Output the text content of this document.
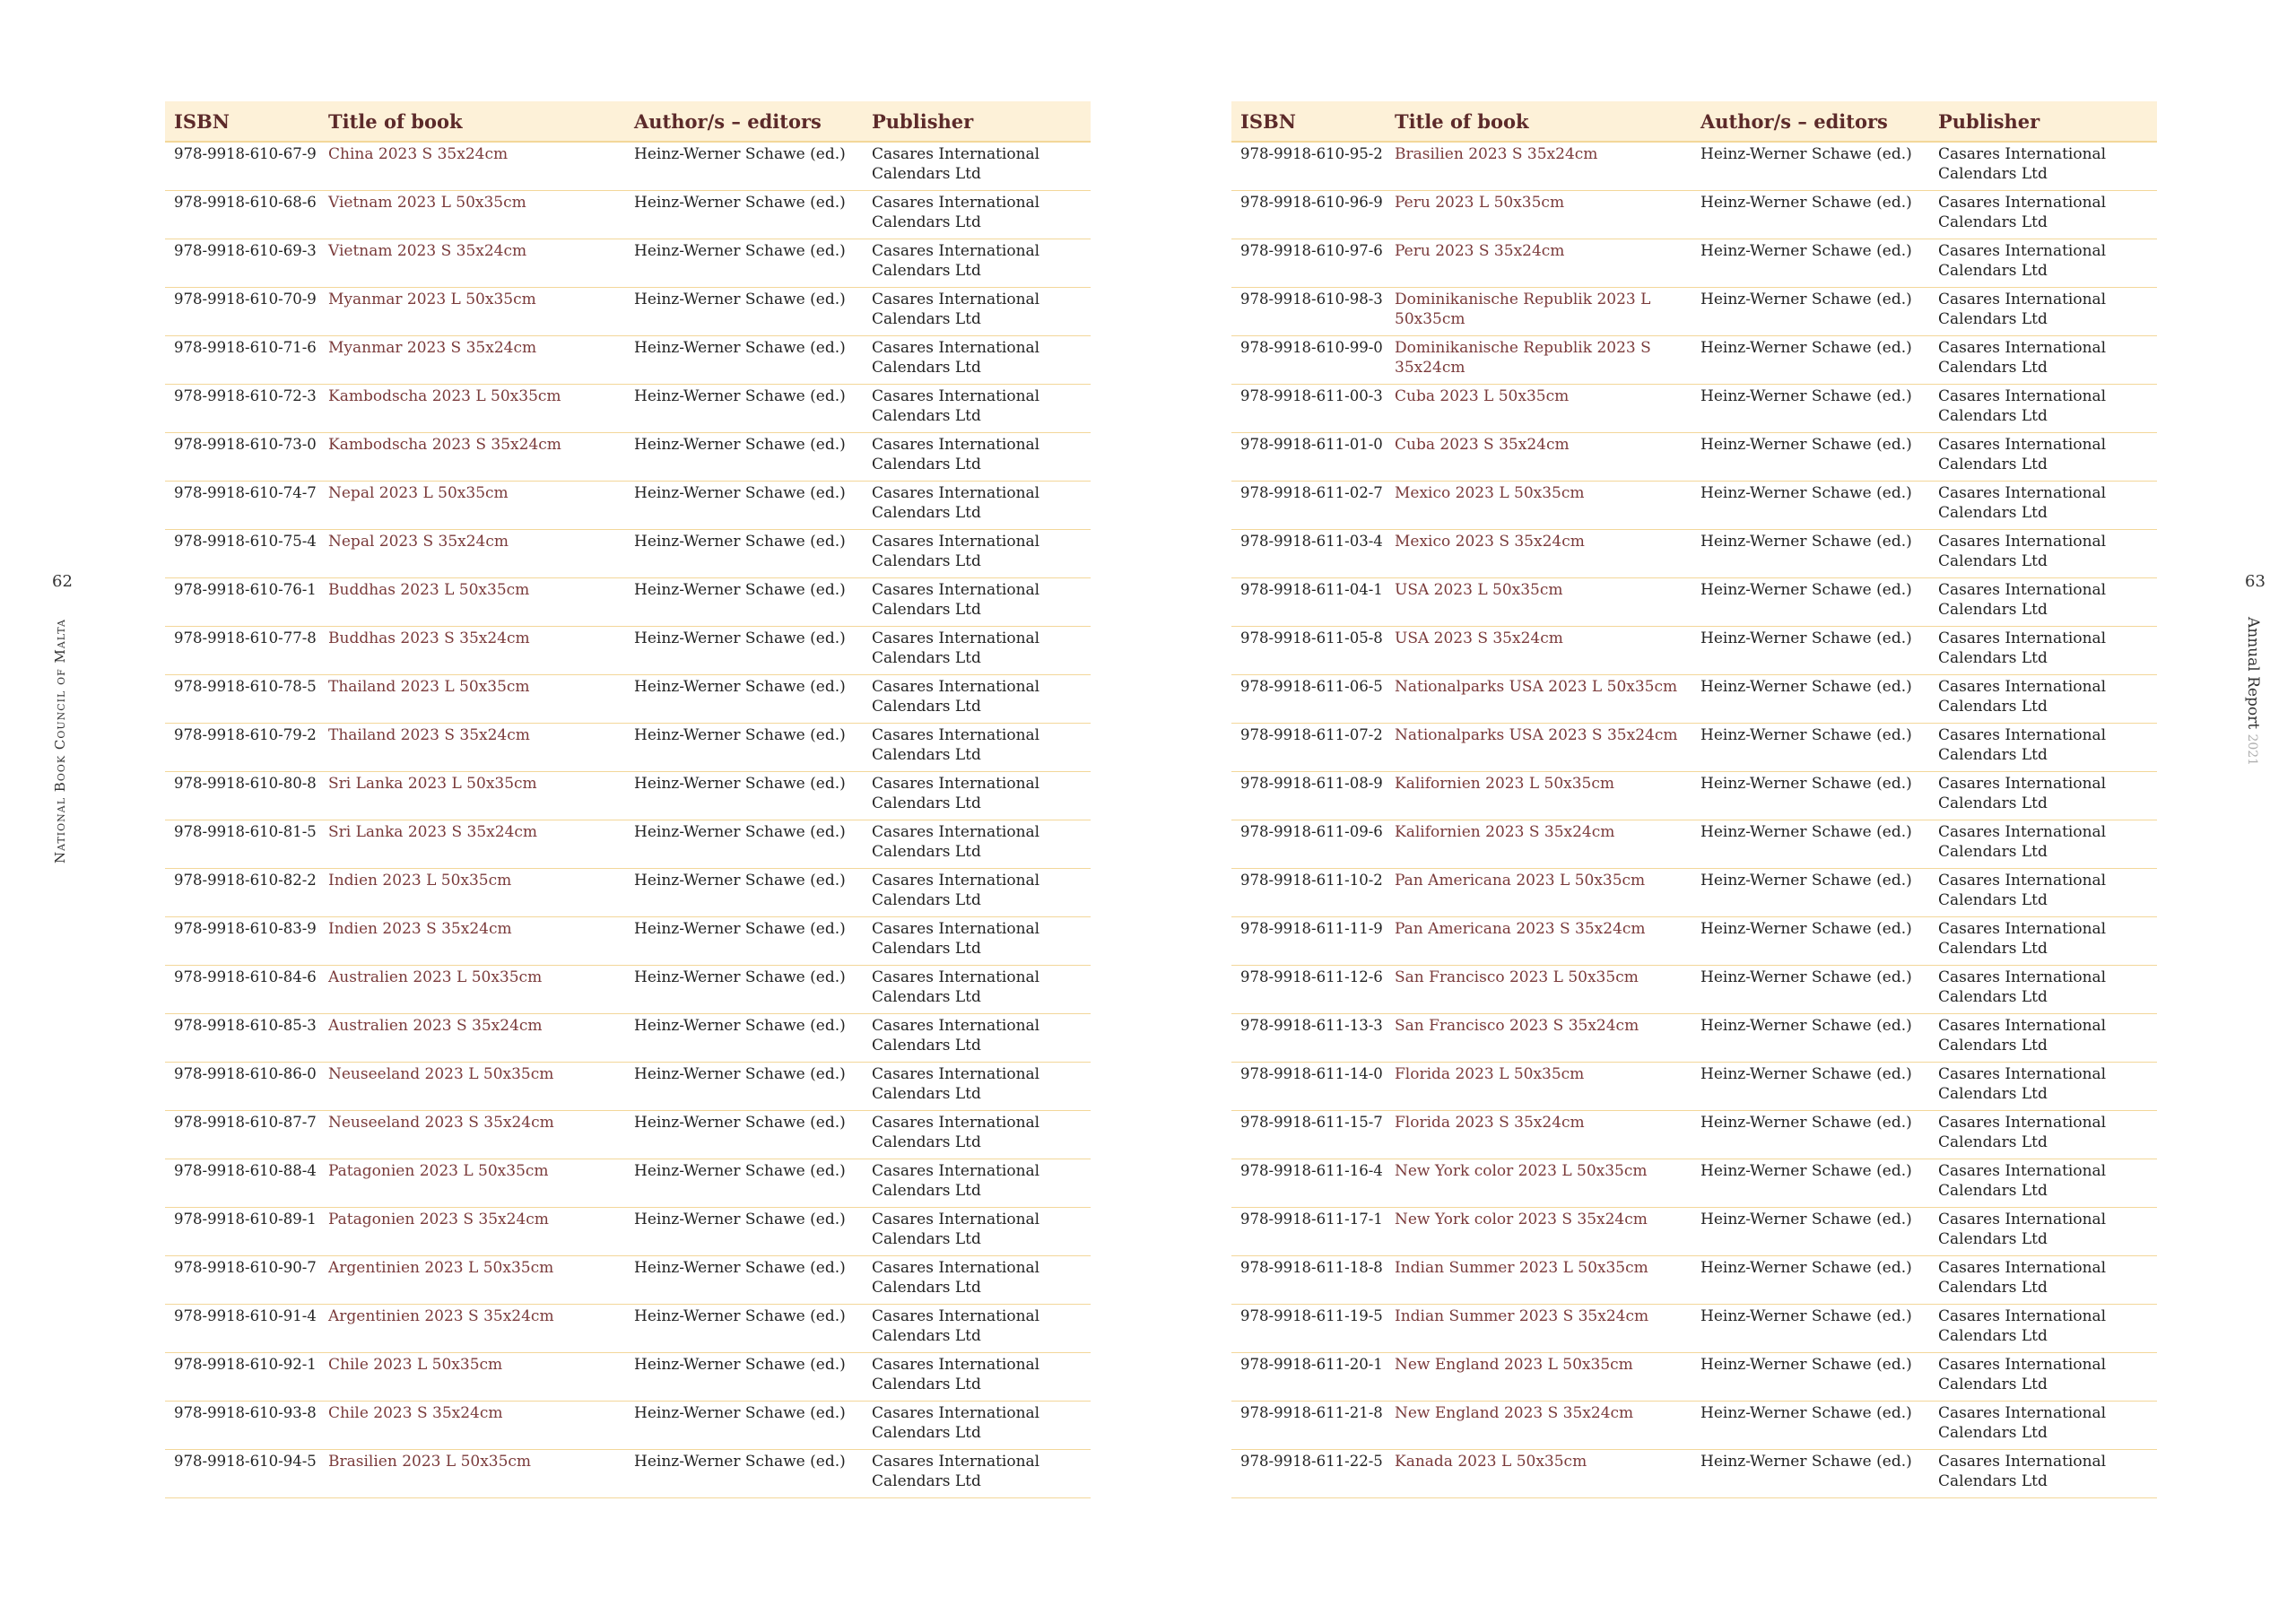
62
National Book Council of Malta
63
Annual Report 2021
ISBN	Title of book	Author/s – editors	Publisher
978-9918-610-67-9	China 2023 S 35x24cm	Heinz-Werner Schawe (ed.)	Casares International Calendars Ltd
978-9918-610-68-6	Vietnam 2023 L 50x35cm	Heinz-Werner Schawe (ed.)	Casares International Calendars Ltd
978-9918-610-69-3	Vietnam 2023 S 35x24cm	Heinz-Werner Schawe (ed.)	Casares International Calendars Ltd
978-9918-610-70-9	Myanmar 2023 L 50x35cm	Heinz-Werner Schawe (ed.)	Casares International Calendars Ltd
978-9918-610-71-6	Myanmar 2023 S 35x24cm	Heinz-Werner Schawe (ed.)	Casares International Calendars Ltd
978-9918-610-72-3	Kambodscha 2023 L 50x35cm	Heinz-Werner Schawe (ed.)	Casares International Calendars Ltd
978-9918-610-73-0	Kambodscha 2023 S 35x24cm	Heinz-Werner Schawe (ed.)	Casares International Calendars Ltd
978-9918-610-74-7	Nepal 2023 L 50x35cm	Heinz-Werner Schawe (ed.)	Casares International Calendars Ltd
978-9918-610-75-4	Nepal 2023 S 35x24cm	Heinz-Werner Schawe (ed.)	Casares International Calendars Ltd
978-9918-610-76-1	Buddhas 2023 L 50x35cm	Heinz-Werner Schawe (ed.)	Casares International Calendars Ltd
978-9918-610-77-8	Buddhas 2023 S 35x24cm	Heinz-Werner Schawe (ed.)	Casares International Calendars Ltd
978-9918-610-78-5	Thailand 2023 L 50x35cm	Heinz-Werner Schawe (ed.)	Casares International Calendars Ltd
978-9918-610-79-2	Thailand 2023 S 35x24cm	Heinz-Werner Schawe (ed.)	Casares International Calendars Ltd
978-9918-610-80-8	Sri Lanka 2023 L 50x35cm	Heinz-Werner Schawe (ed.)	Casares International Calendars Ltd
978-9918-610-81-5	Sri Lanka 2023 S 35x24cm	Heinz-Werner Schawe (ed.)	Casares International Calendars Ltd
978-9918-610-82-2	Indien 2023 L 50x35cm	Heinz-Werner Schawe (ed.)	Casares International Calendars Ltd
978-9918-610-83-9	Indien 2023 S 35x24cm	Heinz-Werner Schawe (ed.)	Casares International Calendars Ltd
978-9918-610-84-6	Australien 2023 L 50x35cm	Heinz-Werner Schawe (ed.)	Casares International Calendars Ltd
978-9918-610-85-3	Australien 2023 S 35x24cm	Heinz-Werner Schawe (ed.)	Casares International Calendars Ltd
978-9918-610-86-0	Neuseeland 2023 L 50x35cm	Heinz-Werner Schawe (ed.)	Casares International Calendars Ltd
978-9918-610-87-7	Neuseeland 2023 S 35x24cm	Heinz-Werner Schawe (ed.)	Casares International Calendars Ltd
978-9918-610-88-4	Patagonien 2023 L 50x35cm	Heinz-Werner Schawe (ed.)	Casares International Calendars Ltd
978-9918-610-89-1	Patagonien 2023 S 35x24cm	Heinz-Werner Schawe (ed.)	Casares International Calendars Ltd
978-9918-610-90-7	Argentinien 2023 L 50x35cm	Heinz-Werner Schawe (ed.)	Casares International Calendars Ltd
978-9918-610-91-4	Argentinien 2023 S 35x24cm	Heinz-Werner Schawe (ed.)	Casares International Calendars Ltd
978-9918-610-92-1	Chile 2023 L 50x35cm	Heinz-Werner Schawe (ed.)	Casares International Calendars Ltd
978-9918-610-93-8	Chile 2023 S 35x24cm	Heinz-Werner Schawe (ed.)	Casares International Calendars Ltd
978-9918-610-94-5	Brasilien 2023 L 50x35cm	Heinz-Werner Schawe (ed.)	Casares International Calendars Ltd
ISBN	Title of book	Author/s – editors	Publisher
978-9918-610-95-2	Brasilien 2023 S 35x24cm	Heinz-Werner Schawe (ed.)	Casares International Calendars Ltd
978-9918-610-96-9	Peru 2023 L 50x35cm	Heinz-Werner Schawe (ed.)	Casares International Calendars Ltd
978-9918-610-97-6	Peru 2023 S 35x24cm	Heinz-Werner Schawe (ed.)	Casares International Calendars Ltd
978-9918-610-98-3	Dominikanische Republik 2023 L 50x35cm	Heinz-Werner Schawe (ed.)	Casares International Calendars Ltd
978-9918-610-99-0	Dominikanische Republik 2023 S 35x24cm	Heinz-Werner Schawe (ed.)	Casares International Calendars Ltd
978-9918-611-00-3	Cuba 2023 L 50x35cm	Heinz-Werner Schawe (ed.)	Casares International Calendars Ltd
978-9918-611-01-0	Cuba 2023 S 35x24cm	Heinz-Werner Schawe (ed.)	Casares International Calendars Ltd
978-9918-611-02-7	Mexico 2023 L 50x35cm	Heinz-Werner Schawe (ed.)	Casares International Calendars Ltd
978-9918-611-03-4	Mexico 2023 S 35x24cm	Heinz-Werner Schawe (ed.)	Casares International Calendars Ltd
978-9918-611-04-1	USA 2023 L 50x35cm	Heinz-Werner Schawe (ed.)	Casares International Calendars Ltd
978-9918-611-05-8	USA 2023 S 35x24cm	Heinz-Werner Schawe (ed.)	Casares International Calendars Ltd
978-9918-611-06-5	Nationalparks USA 2023 L 50x35cm	Heinz-Werner Schawe (ed.)	Casares International Calendars Ltd
978-9918-611-07-2	Nationalparks USA 2023 S 35x24cm	Heinz-Werner Schawe (ed.)	Casares International Calendars Ltd
978-9918-611-08-9	Kalifornien 2023 L 50x35cm	Heinz-Werner Schawe (ed.)	Casares International Calendars Ltd
978-9918-611-09-6	Kalifornien 2023 S 35x24cm	Heinz-Werner Schawe (ed.)	Casares International Calendars Ltd
978-9918-611-10-2	Pan Americana 2023 L 50x35cm	Heinz-Werner Schawe (ed.)	Casares International Calendars Ltd
978-9918-611-11-9	Pan Americana 2023 S 35x24cm	Heinz-Werner Schawe (ed.)	Casares International Calendars Ltd
978-9918-611-12-6	San Francisco 2023 L 50x35cm	Heinz-Werner Schawe (ed.)	Casares International Calendars Ltd
978-9918-611-13-3	San Francisco 2023 S 35x24cm	Heinz-Werner Schawe (ed.)	Casares International Calendars Ltd
978-9918-611-14-0	Florida 2023 L 50x35cm	Heinz-Werner Schawe (ed.)	Casares International Calendars Ltd
978-9918-611-15-7	Florida 2023 S 35x24cm	Heinz-Werner Schawe (ed.)	Casares International Calendars Ltd
978-9918-611-16-4	New York color 2023 L 50x35cm	Heinz-Werner Schawe (ed.)	Casares International Calendars Ltd
978-9918-611-17-1	New York color 2023 S 35x24cm	Heinz-Werner Schawe (ed.)	Casares International Calendars Ltd
978-9918-611-18-8	Indian Summer 2023 L 50x35cm	Heinz-Werner Schawe (ed.)	Casares International Calendars Ltd
978-9918-611-19-5	Indian Summer 2023 S 35x24cm	Heinz-Werner Schawe (ed.)	Casares International Calendars Ltd
978-9918-611-20-1	New England 2023 L 50x35cm	Heinz-Werner Schawe (ed.)	Casares International Calendars Ltd
978-9918-611-21-8	New England 2023 S 35x24cm	Heinz-Werner Schawe (ed.)	Casares International Calendars Ltd
978-9918-611-22-5	Kanada 2023 L 50x35cm	Heinz-Werner Schawe (ed.)	Casares International Calendars Ltd
